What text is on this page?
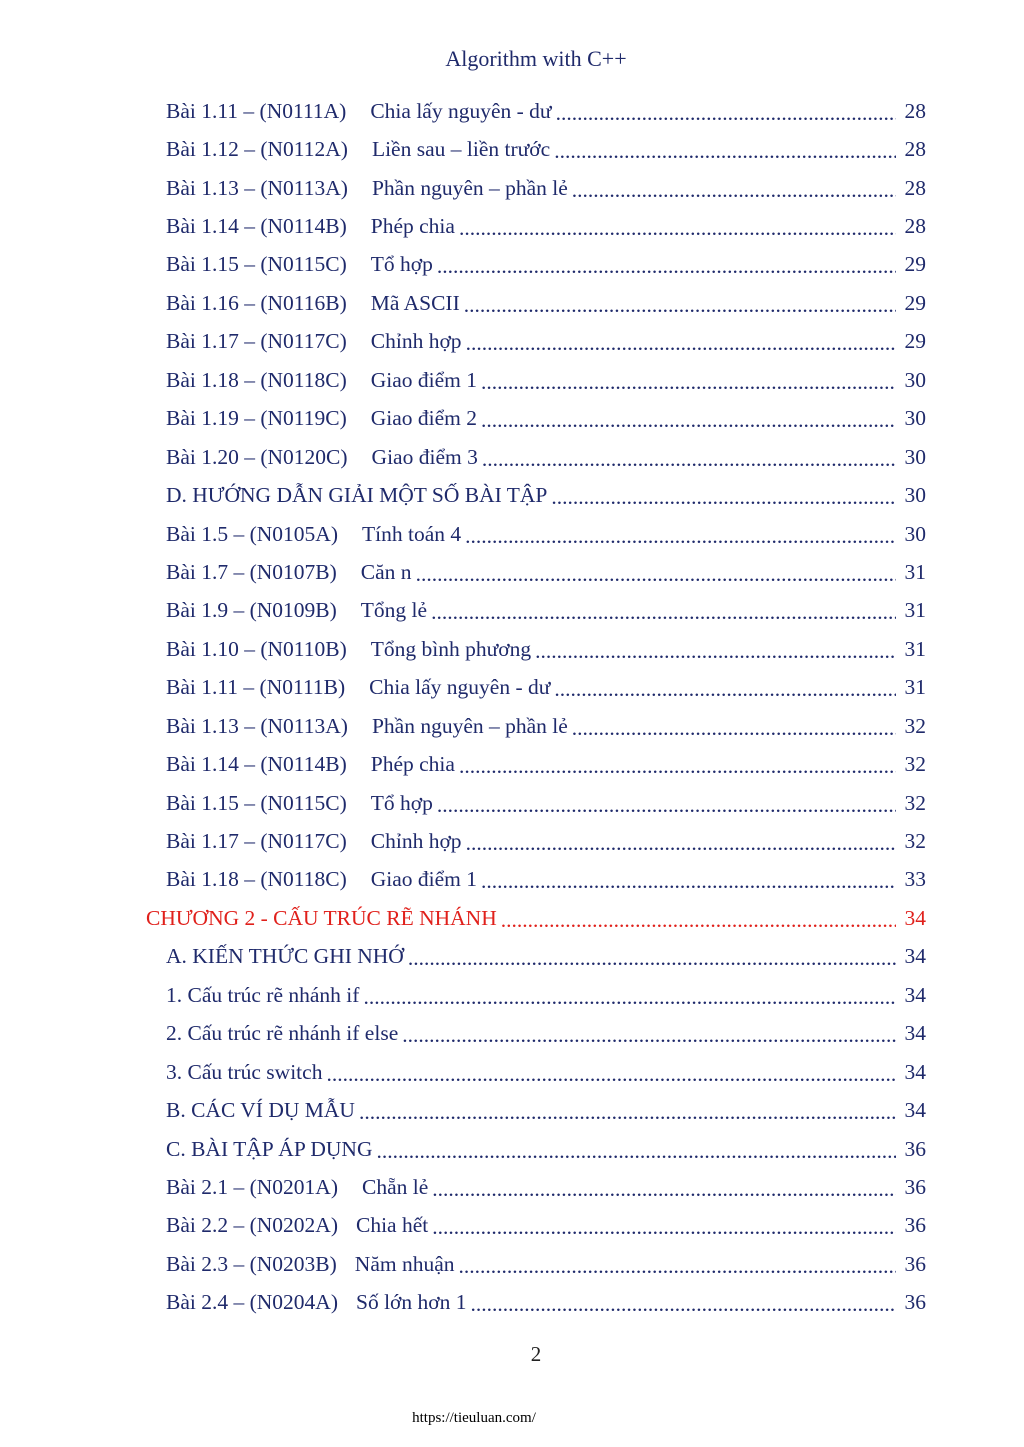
Algorithm with C++
Bài 1.11 – (N0111A) Chia lấy nguyên - dư .....	28
Bài 1.12 – (N0112A) Liền sau – liền trước .....	28
Bài 1.13 – (N0113A) Phần nguyên – phần lẻ .....	28
Bài 1.14 – (N0114B) Phép chia .....	28
Bài 1.15 – (N0115C) Tổ hợp .....	29
Bài 1.16 – (N0116B) Mã ASCII .....	29
Bài 1.17 – (N0117C) Chỉnh hợp .....	29
Bài 1.18 – (N0118C) Giao điểm 1 .....	30
Bài 1.19 – (N0119C) Giao điểm 2 .....	30
Bài 1.20 – (N0120C) Giao điểm 3 .....	30
D. HƯỚNG DẪN GIẢI MỘT SỐ BÀI TẬP .....	30
Bài 1.5 – (N0105A) Tính toán 4 .....	30
Bài 1.7 – (N0107B) Căn n .....	31
Bài 1.9 – (N0109B) Tổng lẻ .....	31
Bài 1.10 – (N0110B) Tổng bình phương .....	31
Bài 1.11 – (N0111B) Chia lấy nguyên - dư .....	31
Bài 1.13 – (N0113A) Phần nguyên – phần lẻ .....	32
Bài 1.14 – (N0114B) Phép chia .....	32
Bài 1.15 – (N0115C) Tổ hợp .....	32
Bài 1.17 – (N0117C) Chỉnh hợp .....	32
Bài 1.18 – (N0118C) Giao điểm 1 .....	33
CHƯƠNG 2 - CẤU TRÚC RẼ NHÁNH .....	34
A. KIẾN THỨC GHI NHỚ .....	34
1. Cấu trúc rẽ nhánh if .....	34
2. Cấu trúc rẽ nhánh if else .....	34
3. Cấu trúc switch .....	34
B. CÁC VÍ DỤ MẪU .....	34
C. BÀI TẬP ÁP DỤNG .....	36
Bài 2.1 – (N0201A) Chẵn lẻ .....	36
Bài 2.2 – (N0202A) Chia hết .....	36
Bài 2.3 – (N0203B) Năm nhuận .....	36
Bài 2.4 – (N0204A) Số lớn hơn 1 .....	36
2
https://tieuluan.com/
